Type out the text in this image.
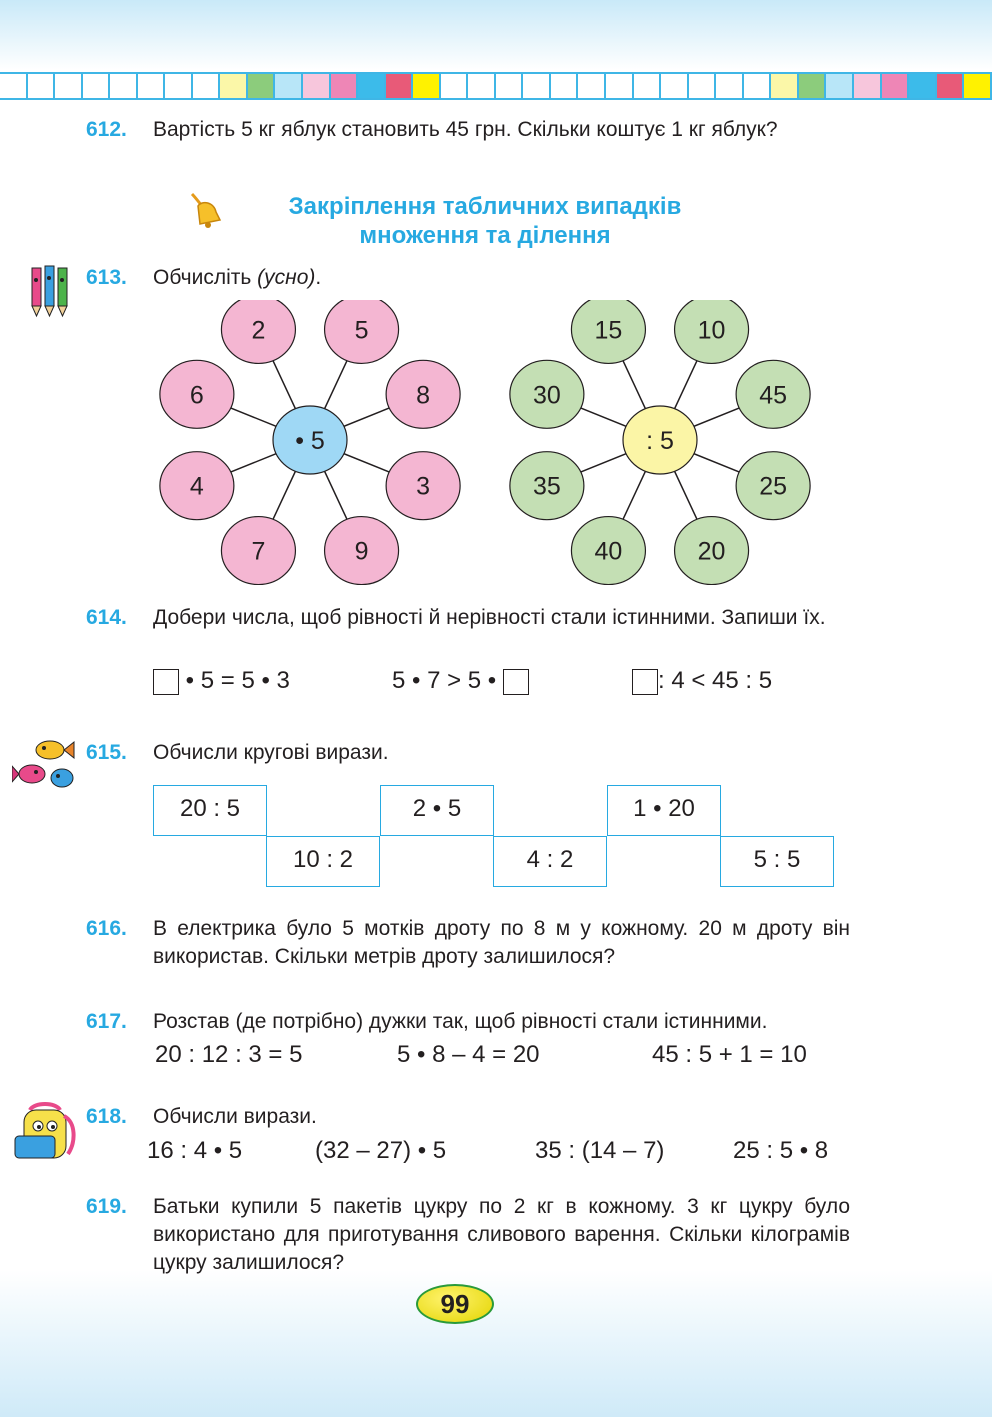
612. Вартість 5 кг яблук становить 45 грн. Скільки коштує 1 кг яблук?
Закріплення табличних випадків
множення та ділення
613. Обчисліть (усно).
2	5
8
3
9
7
4
6
• 5
15	10
45
25
20
40
35
30
: 5
614. Добери числа, щоб рівності й нерівності стали істинними. Запиши їх.
• 5 = 5 • 3	5 • 7 > 5 •	: 4 < 45 : 5
615. Обчисли кругові вирази.
20 : 5
10 : 2
2 • 5
4 : 2
1 • 20
5 : 5
616. В електрика було 5 мотків дроту по 8 м у кожному. 20 м дроту він використав. Скільки метрів дроту залишилося?
617. Розстав (де потрібно) дужки так, щоб рівності стали істинними.
20 : 12 : 3 = 5	5 • 8 – 4 = 20	45 : 5 + 1 = 10
618. Обчисли вирази.
16 : 4 • 5	(32 – 27) • 5	35 : (14 – 7)	25 : 5 • 8
619. Батьки купили 5 пакетів цукру по 2 кг в кожному. 3 кг цукру було використано для приготування сливового варення. Скільки кілограмів цукру залишилося?
99
